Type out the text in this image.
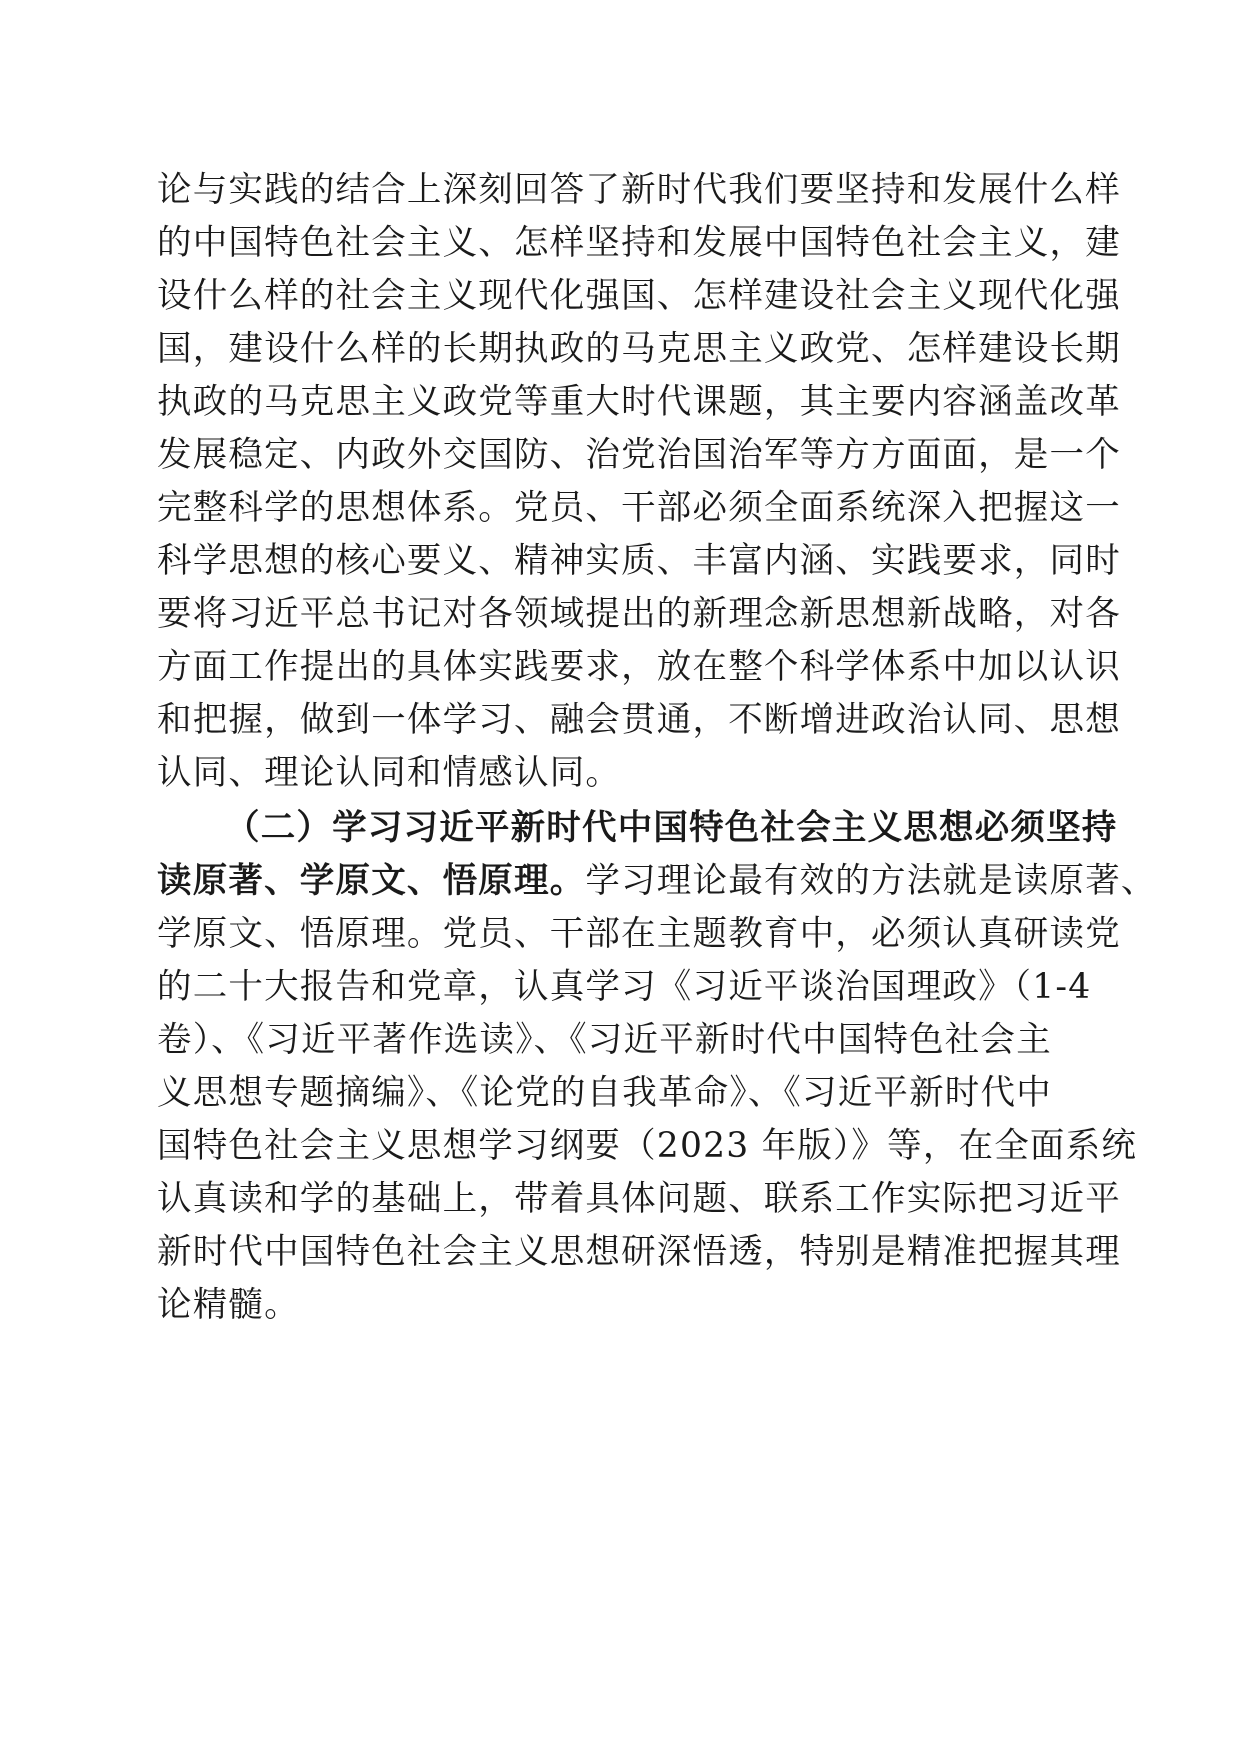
论与实践的结合上深刻回答了新时代我们要坚持和发展什么样
的中国特色社会主义、怎样坚持和发展中国特色社会主义，建
设什么样的社会主义现代化强国、怎样建设社会主义现代化强
国，建设什么样的长期执政的马克思主义政党、怎样建设长期
执政的马克思主义政党等重大时代课题，其主要内容涵盖改革
发展稳定、内政外交国防、治党治国治军等方方面面，是一个
完整科学的思想体系。党员、干部必须全面系统深入把握这一
科学思想的核心要义、精神实质、丰富内涵、实践要求，同时
要将习近平总书记对各领域提出的新理念新思想新战略，对各
方面工作提出的具体实践要求，放在整个科学体系中加以认识
和把握，做到一体学习、融会贯通，不断增进政治认同、思想
认同、理论认同和情感认同。
（二）学习习近平新时代中国特色社会主义思想必须坚持
读原著、学原文、悟原理。学习理论最有效的方法就是读原著、
学原文、悟原理。党员、干部在主题教育中，必须认真研读党
的二十大报告和党章，认真学习《习近平谈治国理政》（1-4
卷）、《习近平著作选读》、《习近平新时代中国特色社会主
义思想专题摘编》、《论党的自我革命》、《习近平新时代中
国特色社会主义思想学习纲要（2023 年版）》等，在全面系统
认真读和学的基础上，带着具体问题、联系工作实际把习近平
新时代中国特色社会主义思想研深悟透，特别是精准把握其理
论精髓。
